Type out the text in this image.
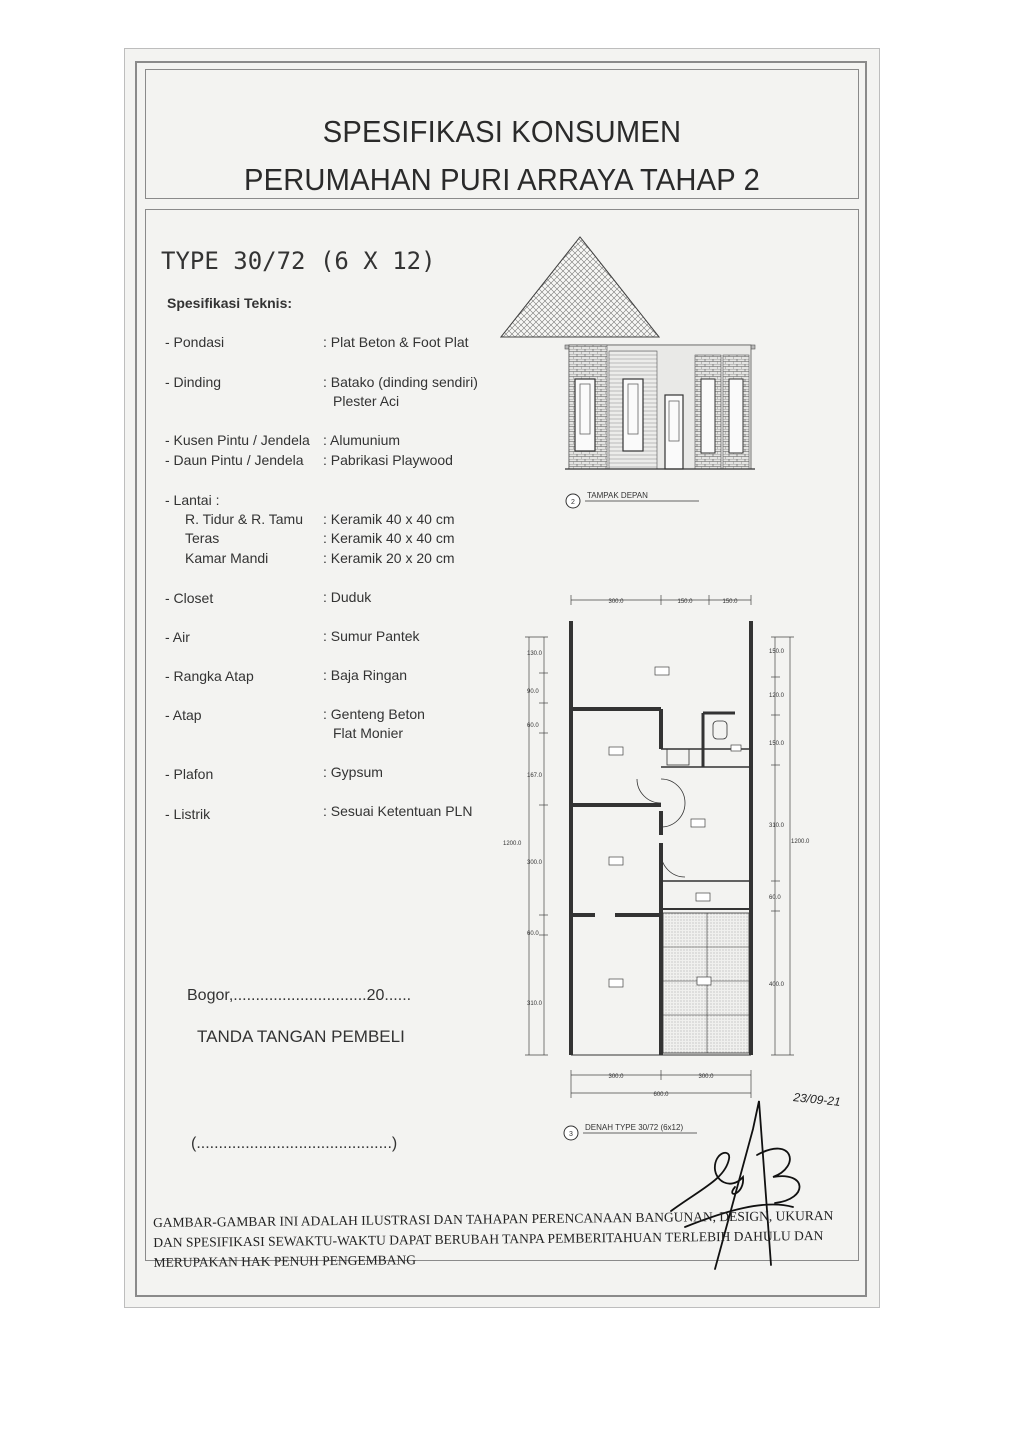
SPESIFIKASI KONSUMEN
PERUMAHAN PURI ARRAYA TAHAP 2
TYPE 30/72 (6 X 12)
Spesifikasi Teknis:
- Pondasi	: Plat Beton & Foot Plat
- Dinding	: Batako (dinding sendiri)
Plester Aci
- Kusen Pintu / Jendela : Alumunium
- Daun Pintu / Jendela : Pabrikasi Playwood
- Lantai :
R. Tidur & R. Tamu : Keramik 40 x 40 cm
Teras	: Keramik 40 x 40 cm
Kamar Mandi	: Keramik 20 x 20 cm
- Closet	: Duduk
- Air	: Sumur Pantek
- Rangka Atap	: Baja Ringan
- Atap	: Genteng Beton
Flat Monier
- Plafon	: Gypsum
- Listrik	: Sesuai Ketentuan PLN
Bogor,..............................20......
TANDA TANGAN PEMBELI
(............................................)
2
TAMPAK DEPAN
300.0	150.0	150.0
130.0
90.0
60.0
167.0
300.0
60.0
310.0
1200.0
150.0
120.0
150.0
310.0
60.0
400.0
1200.0
300.0	300.0
600.0
3
DENAH TYPE 30/72 (6x12)
23/09-21
GAMBAR-GAMBAR INI ADALAH ILUSTRASI DAN TAHAPAN PERENCANAAN BANGUNAN, DESIGN, UKURAN DAN SPESIFIKASI SEWAKTU-WAKTU DAPAT BERUBAH TANPA PEMBERITAHUAN TERLEBIH DAHULU DAN MERUPAKAN HAK PENUH PENGEMBANG
